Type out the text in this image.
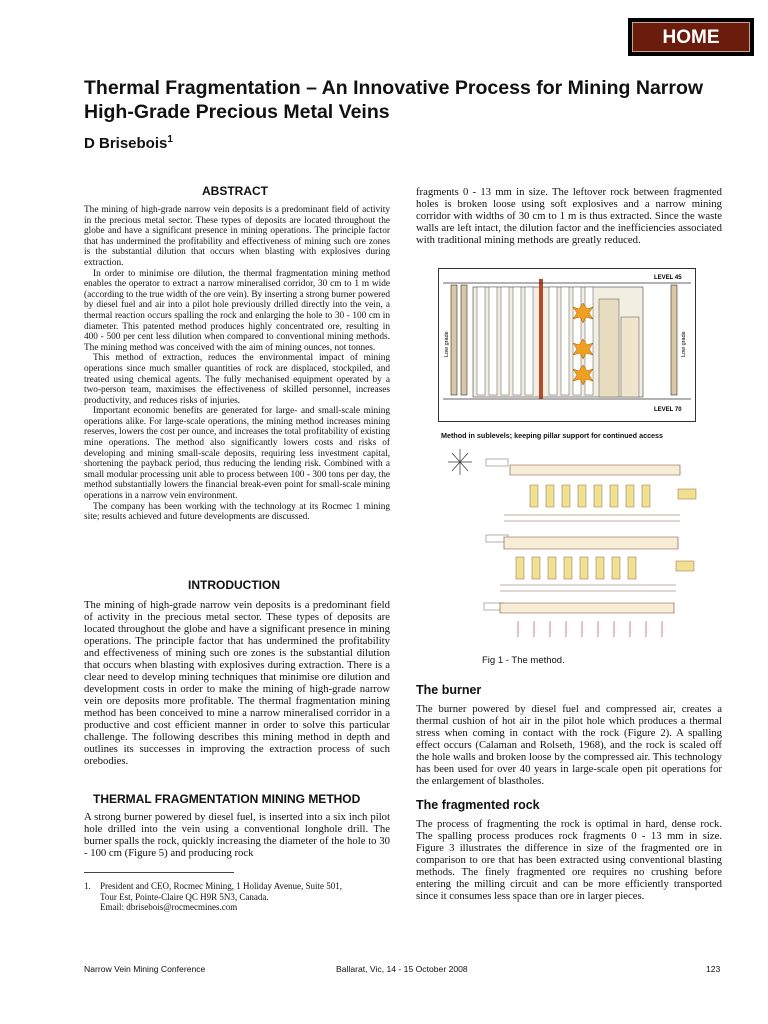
HOME
Thermal Fragmentation – An Innovative Process for Mining Narrow High-Grade Precious Metal Veins
D Brisebois$^1$
ABSTRACT

The mining of high-grade narrow vein deposits is a predominant field of activity in the precious metal sector. These types of deposits are located throughout the globe and have a significant presence in mining operations. The principle factor that has undermined the profitability and effectiveness of mining such ore zones is the substantial dilution that occurs when blasting with explosives during extraction.

In order to minimise ore dilution, the thermal fragmentation mining method enables the operator to extract a narrow mineralised corridor, 30 cm to 1 m wide (according to the true width of the ore vein). By inserting a strong burner powered by diesel fuel and air into a pilot hole previously drilled directly into the vein, a thermal reaction occurs spalling the rock and enlarging the hole to 30 - 100 cm in diameter. This patented method produces highly concentrated ore, resulting in 400 - 500 per cent less dilution when compared to conventional mining methods. The mining method was conceived with the aim of mining ounces, not tonnes.

This method of extraction, reduces the environmental impact of mining operations since much smaller quantities of rock are displaced, stockpiled, and treated using chemical agents. The fully mechanised equipment operated by a two-person team, maximises the effectiveness of skilled personnel, increases productivity, and reduces risks of injuries.

Important economic benefits are generated for large- and small-scale mining operations alike. For large-scale operations, the mining method increases mining reserves, lowers the cost per ounce, and increases the total profitability of existing mine operations. The method also significantly lowers costs and risks of developing and mining small-scale deposits, requiring less investment capital, shortening the payback period, thus reducing the lending risk. Combined with a small modular processing unit able to process between 100 - 300 tons per day, the method substantially lowers the financial break-even point for small-scale mining operations in a narrow vein environment.

The company has been working with the technology at its Rocmec 1 mining site; results achieved and future developments are discussed.

INTRODUCTION

The mining of high-grade narrow vein deposits is a predominant field of activity in the precious metal sector. These types of deposits are located throughout the globe and have a significant presence in mining operations. The principle factor that has undermined the profitability and effectiveness of mining such ore zones is the substantial dilution that occurs when blasting with explosives during extraction. There is a clear need to develop mining techniques that minimise ore dilution and development costs in order to make the mining of high-grade narrow vein ore deposits more profitable. The thermal fragmentation mining method has been conceived to mine a narrow mineralised corridor in a productive and cost efficient manner in order to solve this particular challenge. The following describes this mining method in depth and outlines its successes in improving the extraction process of such orebodies.

THERMAL FRAGMENTATION MINING METHOD

A strong burner powered by diesel fuel, is inserted into a six inch pilot hole drilled into the vein using a conventional longhole drill. The burner spalls the rock, quickly increasing the diameter of the hole to 30 - 100 cm (Figure 5) and producing rock

1. President and CEO, Rocmec Mining, 1 Holiday Avenue, Suite 501,
Tour Est, Pointe-Claire QC H9R 5N3, Canada.
Email: dbrisebois@rocmecmines.com

fragments 0 - 13 mm in size. The leftover rock between fragmented holes is broken loose using soft explosives and a narrow mining corridor with widths of 30 cm to 1 m is thus extracted. Since the waste walls are left intact, the dilution factor and the inefficiencies associated with traditional mining methods are greatly reduced.

LEVEL 45
LEVEL 70
Low grade	Low grade
Method in sublevels; keeping pillar support for continued access
Fig 1 - The method.
The burner

The burner powered by diesel fuel and compressed air, creates a thermal cushion of hot air in the pilot hole which produces a thermal stress when coming in contact with the rock (Figure 2). A spalling effect occurs (Calaman and Rolseth, 1968), and the rock is scaled off the hole walls and broken loose by the compressed air. This technology has been used for over 40 years in large-scale open pit operations for the enlargement of blastholes.

The fragmented rock

The process of fragmenting the rock is optimal in hard, dense rock. The spalling process produces rock fragments 0 - 13 mm in size. Figure 3 illustrates the difference in size of the fragmented ore in comparison to ore that has been extracted using conventional blasting methods. The finely fragmented ore requires no crushing before entering the milling circuit and can be more efficiently transported since it consumes less space than ore in larger pieces.

Narrow Vein Mining Conference	Ballarat, Vic, 14 - 15 October 2008	123
